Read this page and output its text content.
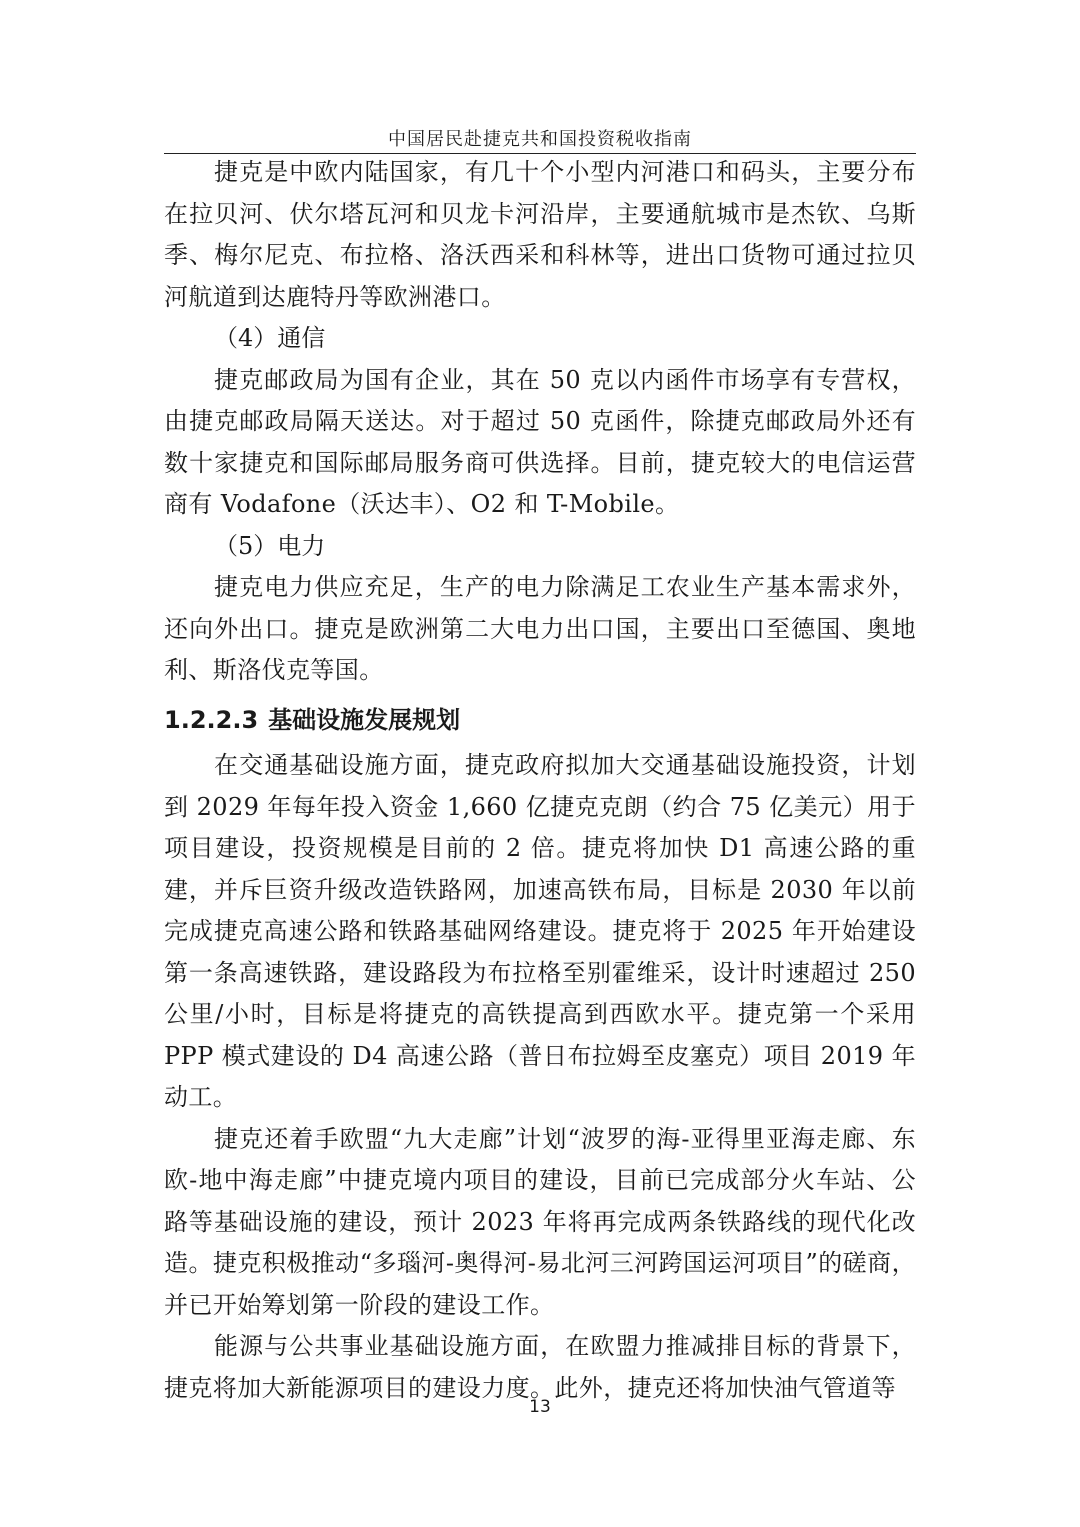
中国居民赴捷克共和国投资税收指南

捷克是中欧内陆国家，有几十个小型内河港口和码头，主要分布在拉贝河、伏尔塔瓦河和贝龙卡河沿岸，主要通航城市是杰钦、乌斯季、梅尔尼克、布拉格、洛沃西采和科林等，进出口货物可通过拉贝河航道到达鹿特丹等欧洲港口。

（4）通信

捷克邮政局为国有企业，其在 50 克以内函件市场享有专营权，由捷克邮政局隔天送达。对于超过 50 克函件，除捷克邮政局外还有数十家捷克和国际邮局服务商可供选择。目前，捷克较大的电信运营商有 Vodafone（沃达丰）、O2 和 T-Mobile。

（5）电力

捷克电力供应充足，生产的电力除满足工农业生产基本需求外，还向外出口。捷克是欧洲第二大电力出口国，主要出口至德国、奥地利、斯洛伐克等国。

1.2.2.3 基础设施发展规划

在交通基础设施方面，捷克政府拟加大交通基础设施投资，计划到 2029 年每年投入资金 1,660 亿捷克克朗（约合 75 亿美元）用于项目建设，投资规模是目前的 2 倍。捷克将加快 D1 高速公路的重建，并斥巨资升级改造铁路网，加速高铁布局，目标是 2030 年以前完成捷克高速公路和铁路基础网络建设。捷克将于 2025 年开始建设第一条高速铁路，建设路段为布拉格至别霍维采，设计时速超过 250 公里/小时，目标是将捷克的高铁提高到西欧水平。捷克第一个采用 PPP 模式建设的 D4 高速公路（普日布拉姆至皮塞克）项目 2019 年动工。

捷克还着手欧盟“九大走廊”计划“波罗的海-亚得里亚海走廊、东欧-地中海走廊”中捷克境内项目的建设，目前已完成部分火车站、公路等基础设施的建设，预计 2023 年将再完成两条铁路线的现代化改造。捷克积极推动“多瑙河-奥得河-易北河三河跨国运河项目”的磋商，并已开始筹划第一阶段的建设工作。

能源与公共事业基础设施方面，在欧盟力推减排目标的背景下，捷克将加大新能源项目的建设力度。此外，捷克还将加快油气管道等

13
